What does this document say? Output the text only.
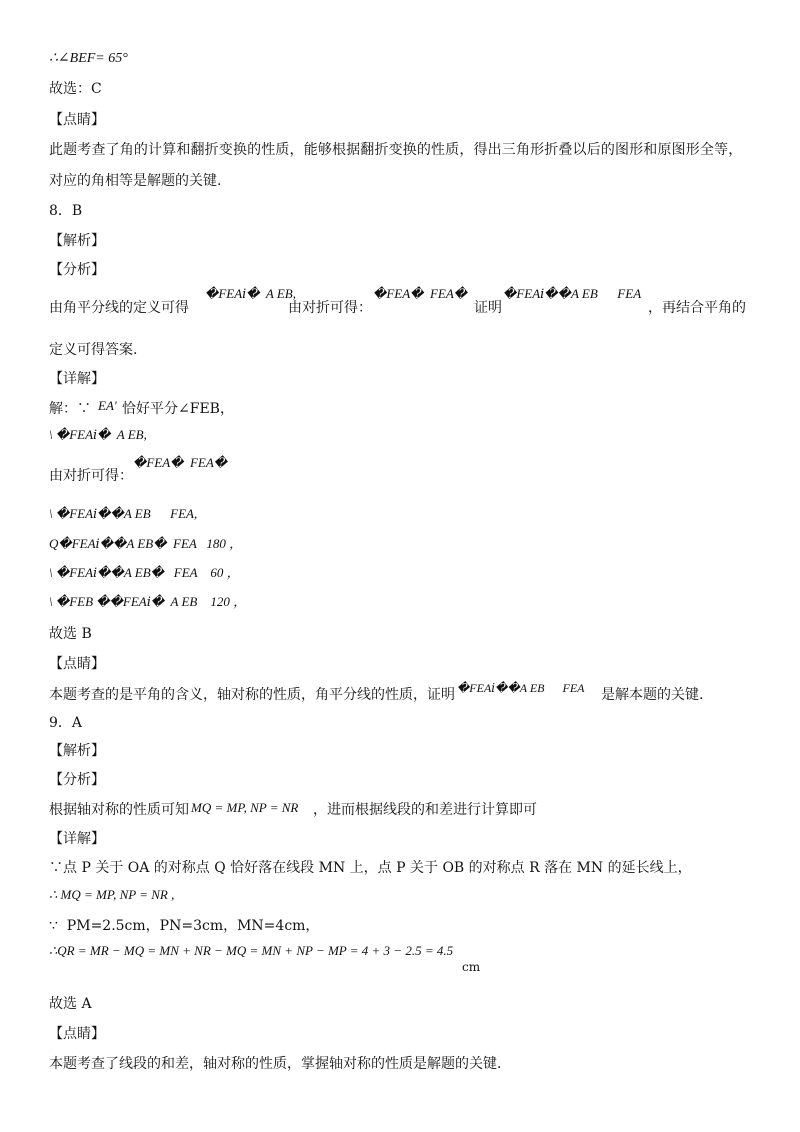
∴∠BEF= 65°
故选：C
【点睛】
此题考查了角的计算和翻折变换的性质，能够根据翻折变换的性质，得出三角形折叠以后的图形和原图形全等，
对应的角相等是解题的关键.
8．B
【解析】
【分析】
由角平分线的定义可得
�FEAⅰ�  A EB,
由对折可得：
�FEA�  FEA�
证明
�FEAⅰ��A EB      FEA
，再结合平角的
定义可得答案.
【详解】
解：∵ EA' 恰好平分∠FEB，
\ �FEAⅰ�  A EB,
由对折可得：
�FEA�  FEA�
\ �FEAⅰ��A EB      FEA,
Q�FEAⅰ��A EB�  FEA   180 ，
\ �FEAⅰ��A EB�   FEA    60 ，
\ �FEB ��FEAⅰ�  A EB    120 ，
故选 B
【点睛】
本题考查的是平角的含义，轴对称的性质，角平分线的性质，证明 �FEAⅰ��A EB      FEA 是解本题的关键.
9．A
【解析】
【分析】
根据轴对称的性质可知 MQ = MP, NP = NR ，进而根据线段的和差进行计算即可
【详解】
∵点 P 关于 OA 的对称点 Q 恰好落在线段 MN 上，点 P 关于 OB 的对称点 R 落在 MN 的延长线上，
∴ MQ = MP, NP = NR ,
∵  PM=2.5cm，PN=3cm，MN=4cm，
∴QR = MR − MQ = MN + NR − MQ = MN + NP − MP = 4 + 3 − 2.5 = 4.5
cm
故选 A
【点睛】
本题考查了线段的和差，轴对称的性质，掌握轴对称的性质是解题的关键.
